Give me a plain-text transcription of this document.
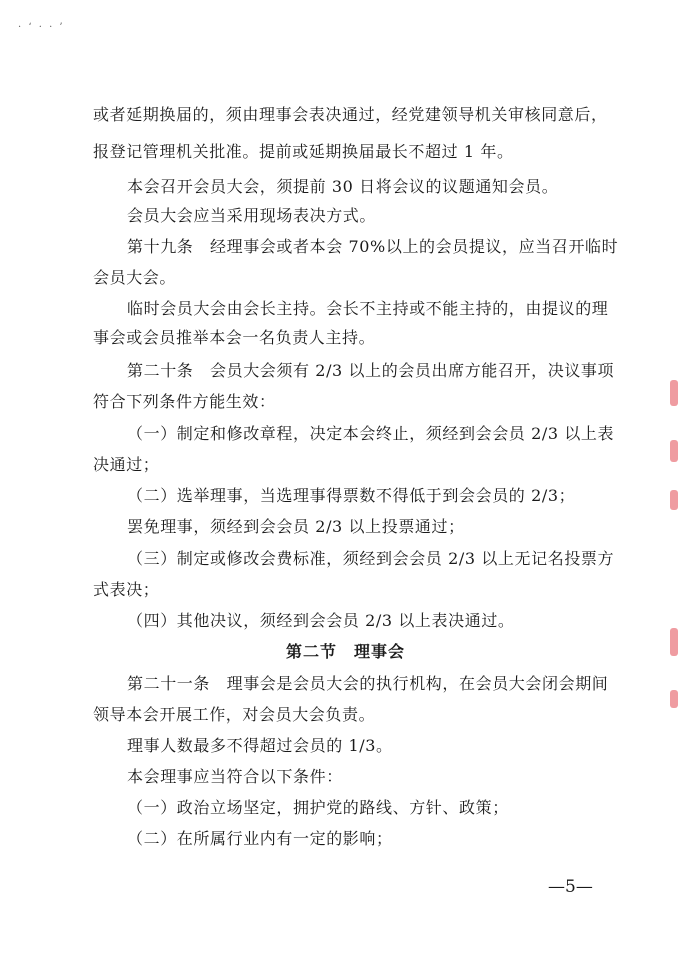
· ‘ · · ’
或者延期换届的，须由理事会表决通过，经党建领导机关审核同意后，
报登记管理机关批准。提前或延期换届最长不超过 1 年。
本会召开会员大会，须提前 30 日将会议的议题通知会员。
会员大会应当采用现场表决方式。
第十九条　经理事会或者本会 70%以上的会员提议，应当召开临时
会员大会。
临时会员大会由会长主持。会长不主持或不能主持的，由提议的理
事会或会员推举本会一名负责人主持。
第二十条　会员大会须有 2/3 以上的会员出席方能召开，决议事项
符合下列条件方能生效：
（一）制定和修改章程，决定本会终止，须经到会会员 2/3 以上表
决通过；
（二）选举理事，当选理事得票数不得低于到会会员的 2/3；
罢免理事，须经到会会员 2/3 以上投票通过；
（三）制定或修改会费标准，须经到会会员 2/3 以上无记名投票方
式表决；
（四）其他决议，须经到会会员 2/3 以上表决通过。
第二节　理事会
第二十一条　理事会是会员大会的执行机构，在会员大会闭会期间
领导本会开展工作，对会员大会负责。
理事人数最多不得超过会员的 1/3。
本会理事应当符合以下条件：
（一）政治立场坚定，拥护党的路线、方针、政策；
（二）在所属行业内有一定的影响；
—5—
